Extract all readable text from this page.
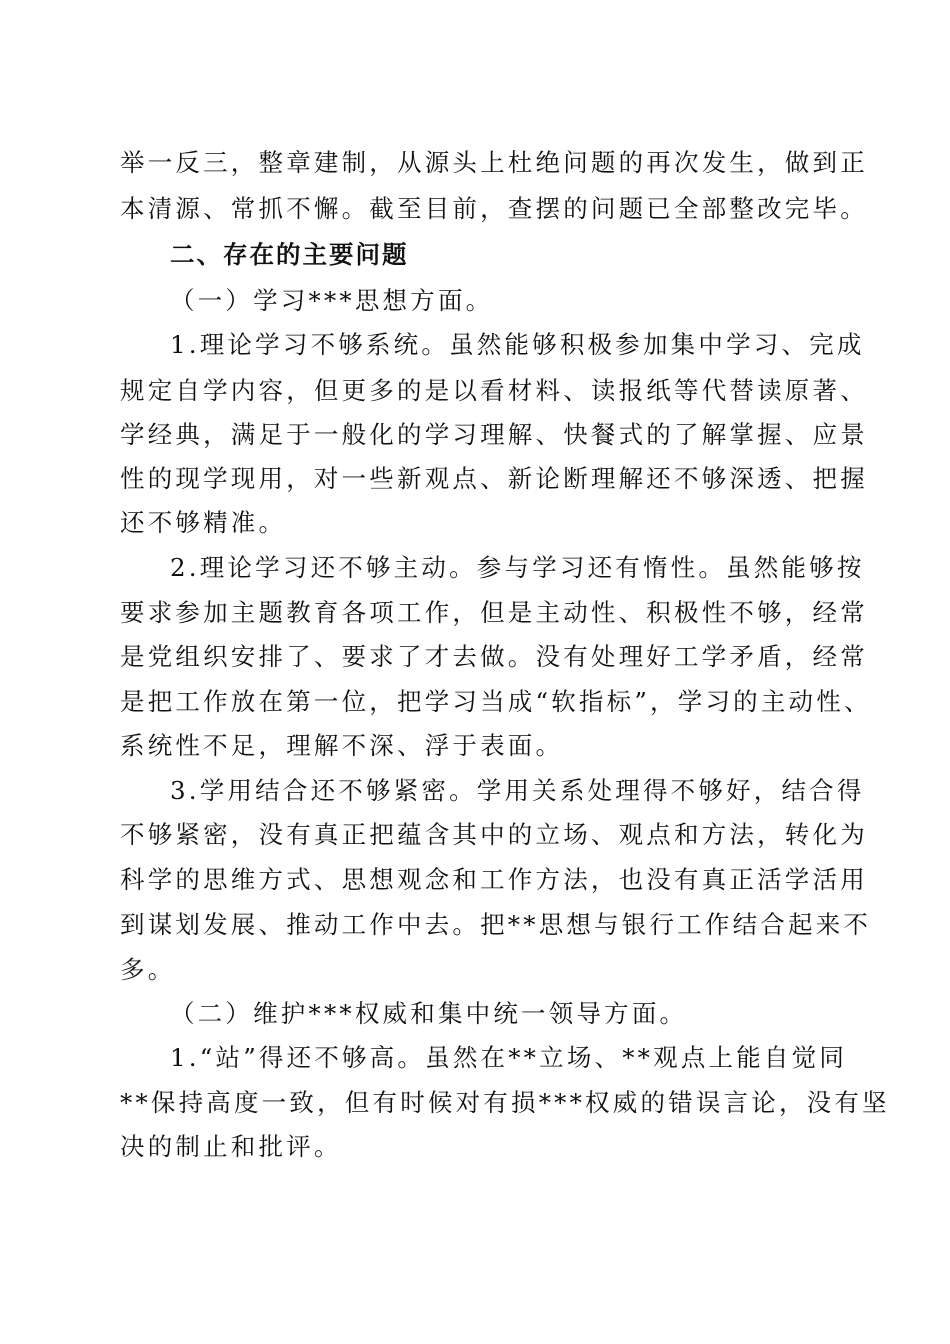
举一反三，整章建制，从源头上杜绝问题的再次发生，做到正
本清源、常抓不懈。截至目前，查摆的问题已全部整改完毕。
二、存在的主要问题
（一）学习***思想方面。
1.理论学习不够系统。虽然能够积极参加集中学习、完成
规定自学内容，但更多的是以看材料、读报纸等代替读原著、
学经典，满足于一般化的学习理解、快餐式的了解掌握、应景
性的现学现用，对一些新观点、新论断理解还不够深透、把握
还不够精准。
2.理论学习还不够主动。参与学习还有惰性。虽然能够按
要求参加主题教育各项工作，但是主动性、积极性不够，经常
是党组织安排了、要求了才去做。没有处理好工学矛盾，经常
是把工作放在第一位，把学习当成“软指标”，学习的主动性、
系统性不足，理解不深、浮于表面。
3.学用结合还不够紧密。学用关系处理得不够好，结合得
不够紧密，没有真正把蕴含其中的立场、观点和方法，转化为
科学的思维方式、思想观念和工作方法，也没有真正活学活用
到谋划发展、推动工作中去。把**思想与银行工作结合起来不
多。
（二）维护***权威和集中统一领导方面。
1.“站”得还不够高。虽然在**立场、**观点上能自觉同
**保持高度一致，但有时候对有损***权威的错误言论，没有坚
决的制止和批评。
